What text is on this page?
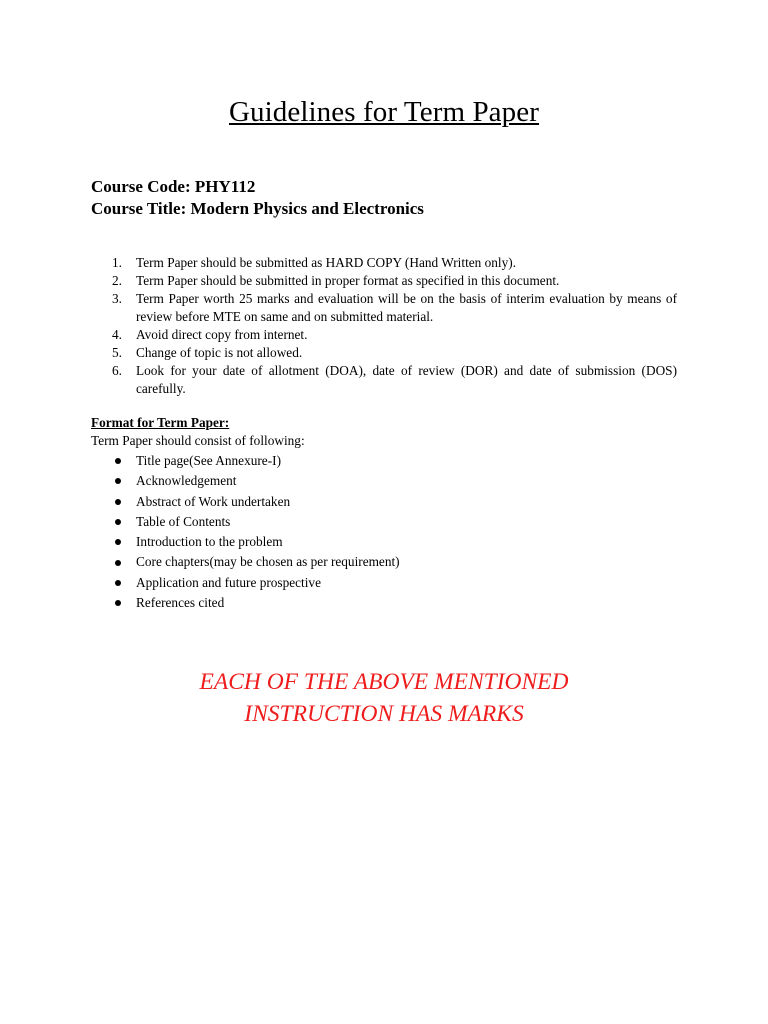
Guidelines for Term Paper
Course Code: PHY112
Course Title: Modern Physics and Electronics
1.	Term Paper should be submitted as HARD COPY (Hand Written only).
2.	Term Paper should be submitted in proper format as specified in this document.
3.	Term Paper worth 25 marks and evaluation will be on the basis of interim evaluation by means of review before MTE on same and on submitted material.
4.	Avoid direct copy from internet.
5.	Change of topic is not allowed.
6.	Look for your date of allotment (DOA), date of review (DOR) and date of submission (DOS) carefully.
Format for Term Paper:
Term Paper should consist of following:
Title page(See Annexure-I)
Acknowledgement
Abstract of Work undertaken
Table of Contents
Introduction to the problem
Core chapters(may be chosen as per requirement)
Application and future prospective
References cited
EACH OF THE ABOVE MENTIONED
INSTRUCTION HAS MARKS
